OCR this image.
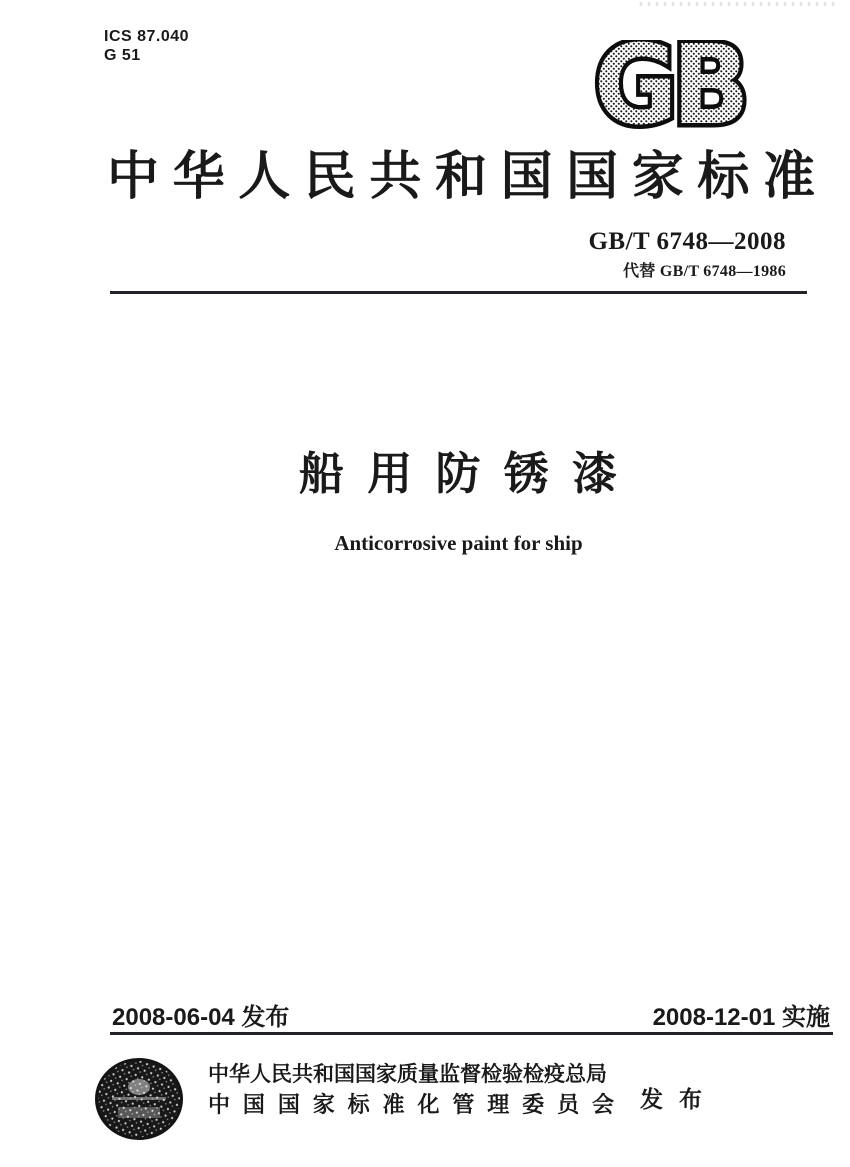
ICS 87.040
G 51	GB
中 华 人 民 共 和 国 国 家 标 准
GB/T 6748—2008
代替 GB/T 6748—1986
船 用 防 锈 漆
Anticorrosive paint for ship
2008-06-04 发布	2008-12-01 实施
中华人民共和国国家质量监督检验检疫总局
中 国 国 家 标 准 化 管 理 委 员 会 发 布
